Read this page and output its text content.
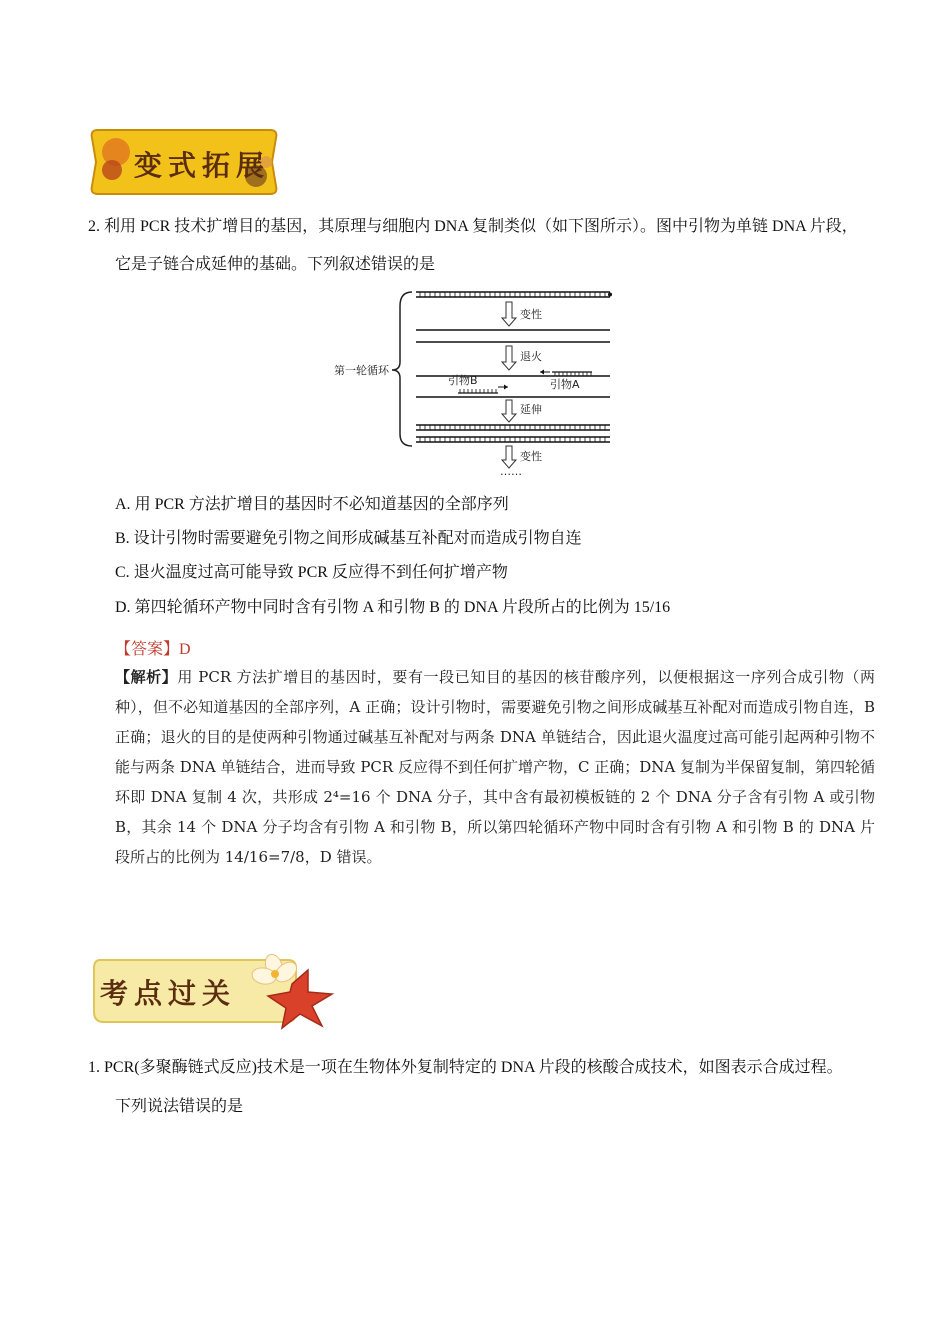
变式拓展
2. 利用 PCR 技术扩增目的基因，其原理与细胞内 DNA 复制类似（如下图所示）。图中引物为单链 DNA 片段，
它是子链合成延伸的基础。下列叙述错误的是
第一轮循环
变性
退火
引物A
引物B
延伸
变性
……
A. 用 PCR 方法扩增目的基因时不必知道基因的全部序列
B. 设计引物时需要避免引物之间形成碱基互补配对而造成引物自连
C. 退火温度过高可能导致 PCR 反应得不到任何扩增产物
D. 第四轮循环产物中同时含有引物 A 和引物 B 的 DNA 片段所占的比例为 15/16
【答案】D
【解析】用 PCR 方法扩增目的基因时，要有一段已知目的基因的核苷酸序列，以便根据这一序列合成引物（两种），但不必知道基因的全部序列，A 正确；设计引物时，需要避免引物之间形成碱基互补配对而造成引物自连，B 正确；退火的目的是使两种引物通过碱基互补配对与两条 DNA 单链结合，因此退火温度过高可能引起两种引物不能与两条 DNA 单链结合，进而导致 PCR 反应得不到任何扩增产物，C 正确；DNA 复制为半保留复制，第四轮循环即 DNA 复制 4 次，共形成 2⁴=16 个 DNA 分子，其中含有最初模板链的 2 个 DNA 分子含有引物 A 或引物 B，其余 14 个 DNA 分子均含有引物 A 和引物 B，所以第四轮循环产物中同时含有引物 A 和引物 B 的 DNA 片段所占的比例为 14/16=7/8，D 错误。
考点过关
1. PCR(多聚酶链式反应)技术是一项在生物体外复制特定的 DNA 片段的核酸合成技术，如图表示合成过程。
下列说法错误的是
